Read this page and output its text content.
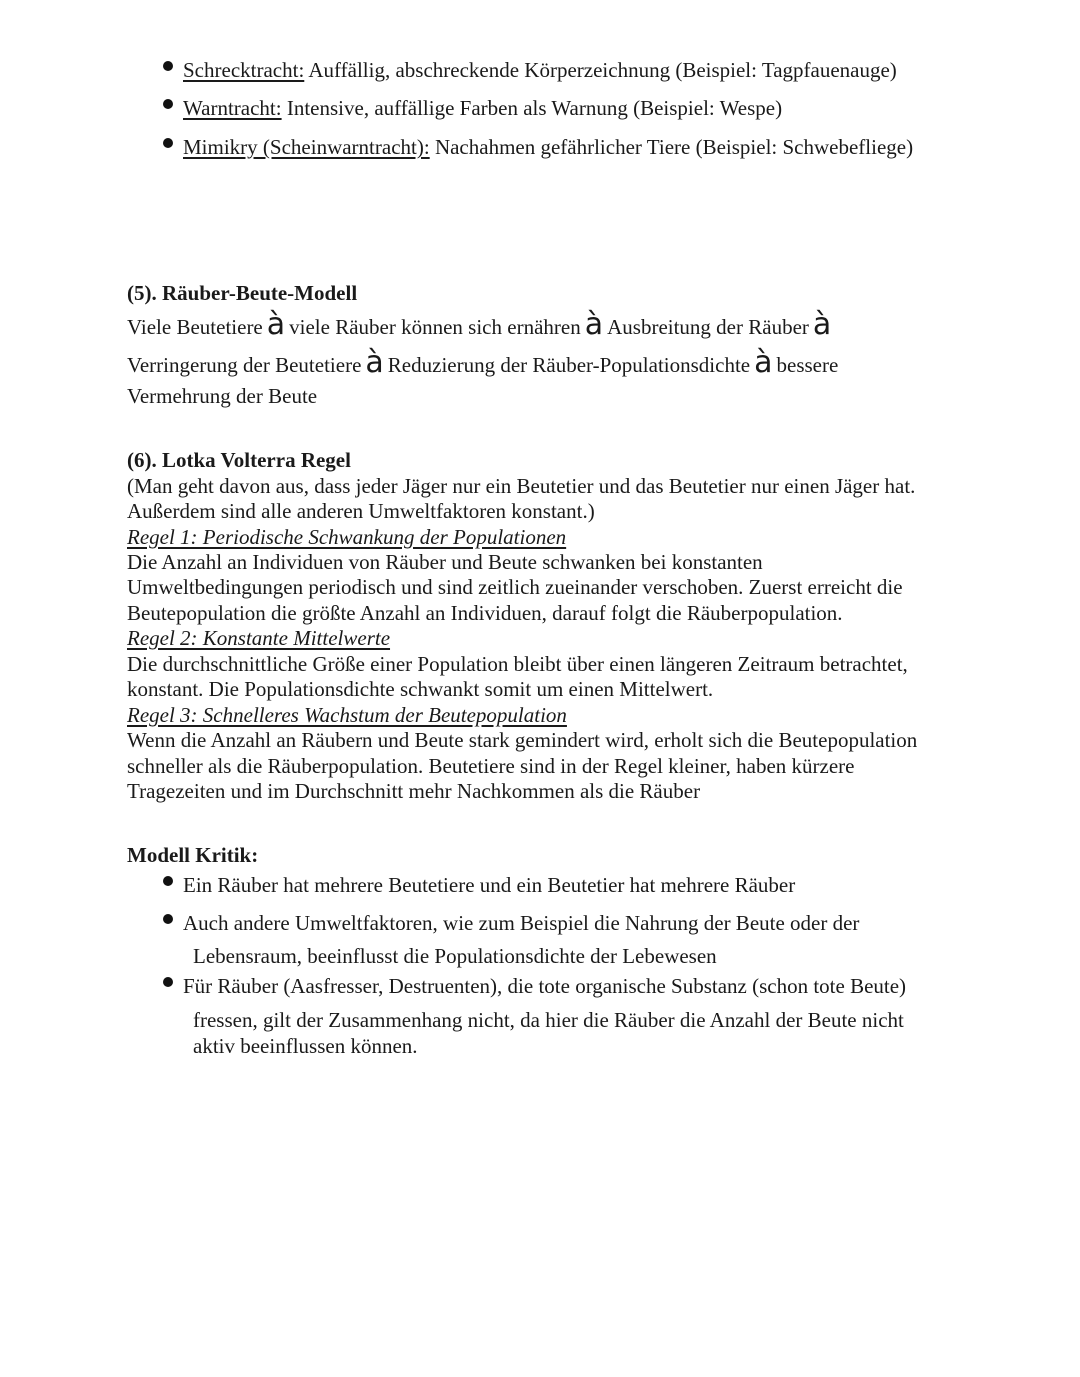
Schrecktracht: Auffällig, abschreckende Körperzeichnung (Beispiel: Tagpfauenauge)
Warntracht: Intensive, auffällige Farben als Warnung (Beispiel: Wespe)
Mimikry (Scheinwarntracht): Nachahmen gefährlicher Tiere (Beispiel: Schwebefliege)
(5). Räuber-Beute-Modell
Viele Beutetiere à viele Räuber können sich ernähren à Ausbreitung der Räuber à
Verringerung der Beutetiere à Reduzierung der Räuber-Populationsdichte à bessere
Vermehrung der Beute
(6). Lotka Volterra Regel
(Man geht davon aus, dass jeder Jäger nur ein Beutetier und das Beutetier nur einen Jäger hat.
Außerdem sind alle anderen Umweltfaktoren konstant.)
Regel 1: Periodische Schwankung der Populationen
Die Anzahl an Individuen von Räuber und Beute schwanken bei konstanten
Umweltbedingungen periodisch und sind zeitlich zueinander verschoben. Zuerst erreicht die
Beutepopulation die größte Anzahl an Individuen, darauf folgt die Räuberpopulation.
Regel 2: Konstante Mittelwerte
Die durchschnittliche Größe einer Population bleibt über einen längeren Zeitraum betrachtet,
konstant. Die Populationsdichte schwankt somit um einen Mittelwert.
Regel 3: Schnelleres Wachstum der Beutepopulation
Wenn die Anzahl an Räubern und Beute stark gemindert wird, erholt sich die Beutepopulation
schneller als die Räuberpopulation. Beutetiere sind in der Regel kleiner, haben kürzere
Tragezeiten und im Durchschnitt mehr Nachkommen als die Räuber
Modell Kritik:
Ein Räuber hat mehrere Beutetiere und ein Beutetier hat mehrere Räuber
Auch andere Umweltfaktoren, wie zum Beispiel die Nahrung der Beute oder der
Lebensraum, beeinflusst die Populationsdichte der Lebewesen
Für Räuber (Aasfresser, Destruenten), die tote organische Substanz (schon tote Beute)
fressen, gilt der Zusammenhang nicht, da hier die Räuber die Anzahl der Beute nicht
aktiv beeinflussen können.
